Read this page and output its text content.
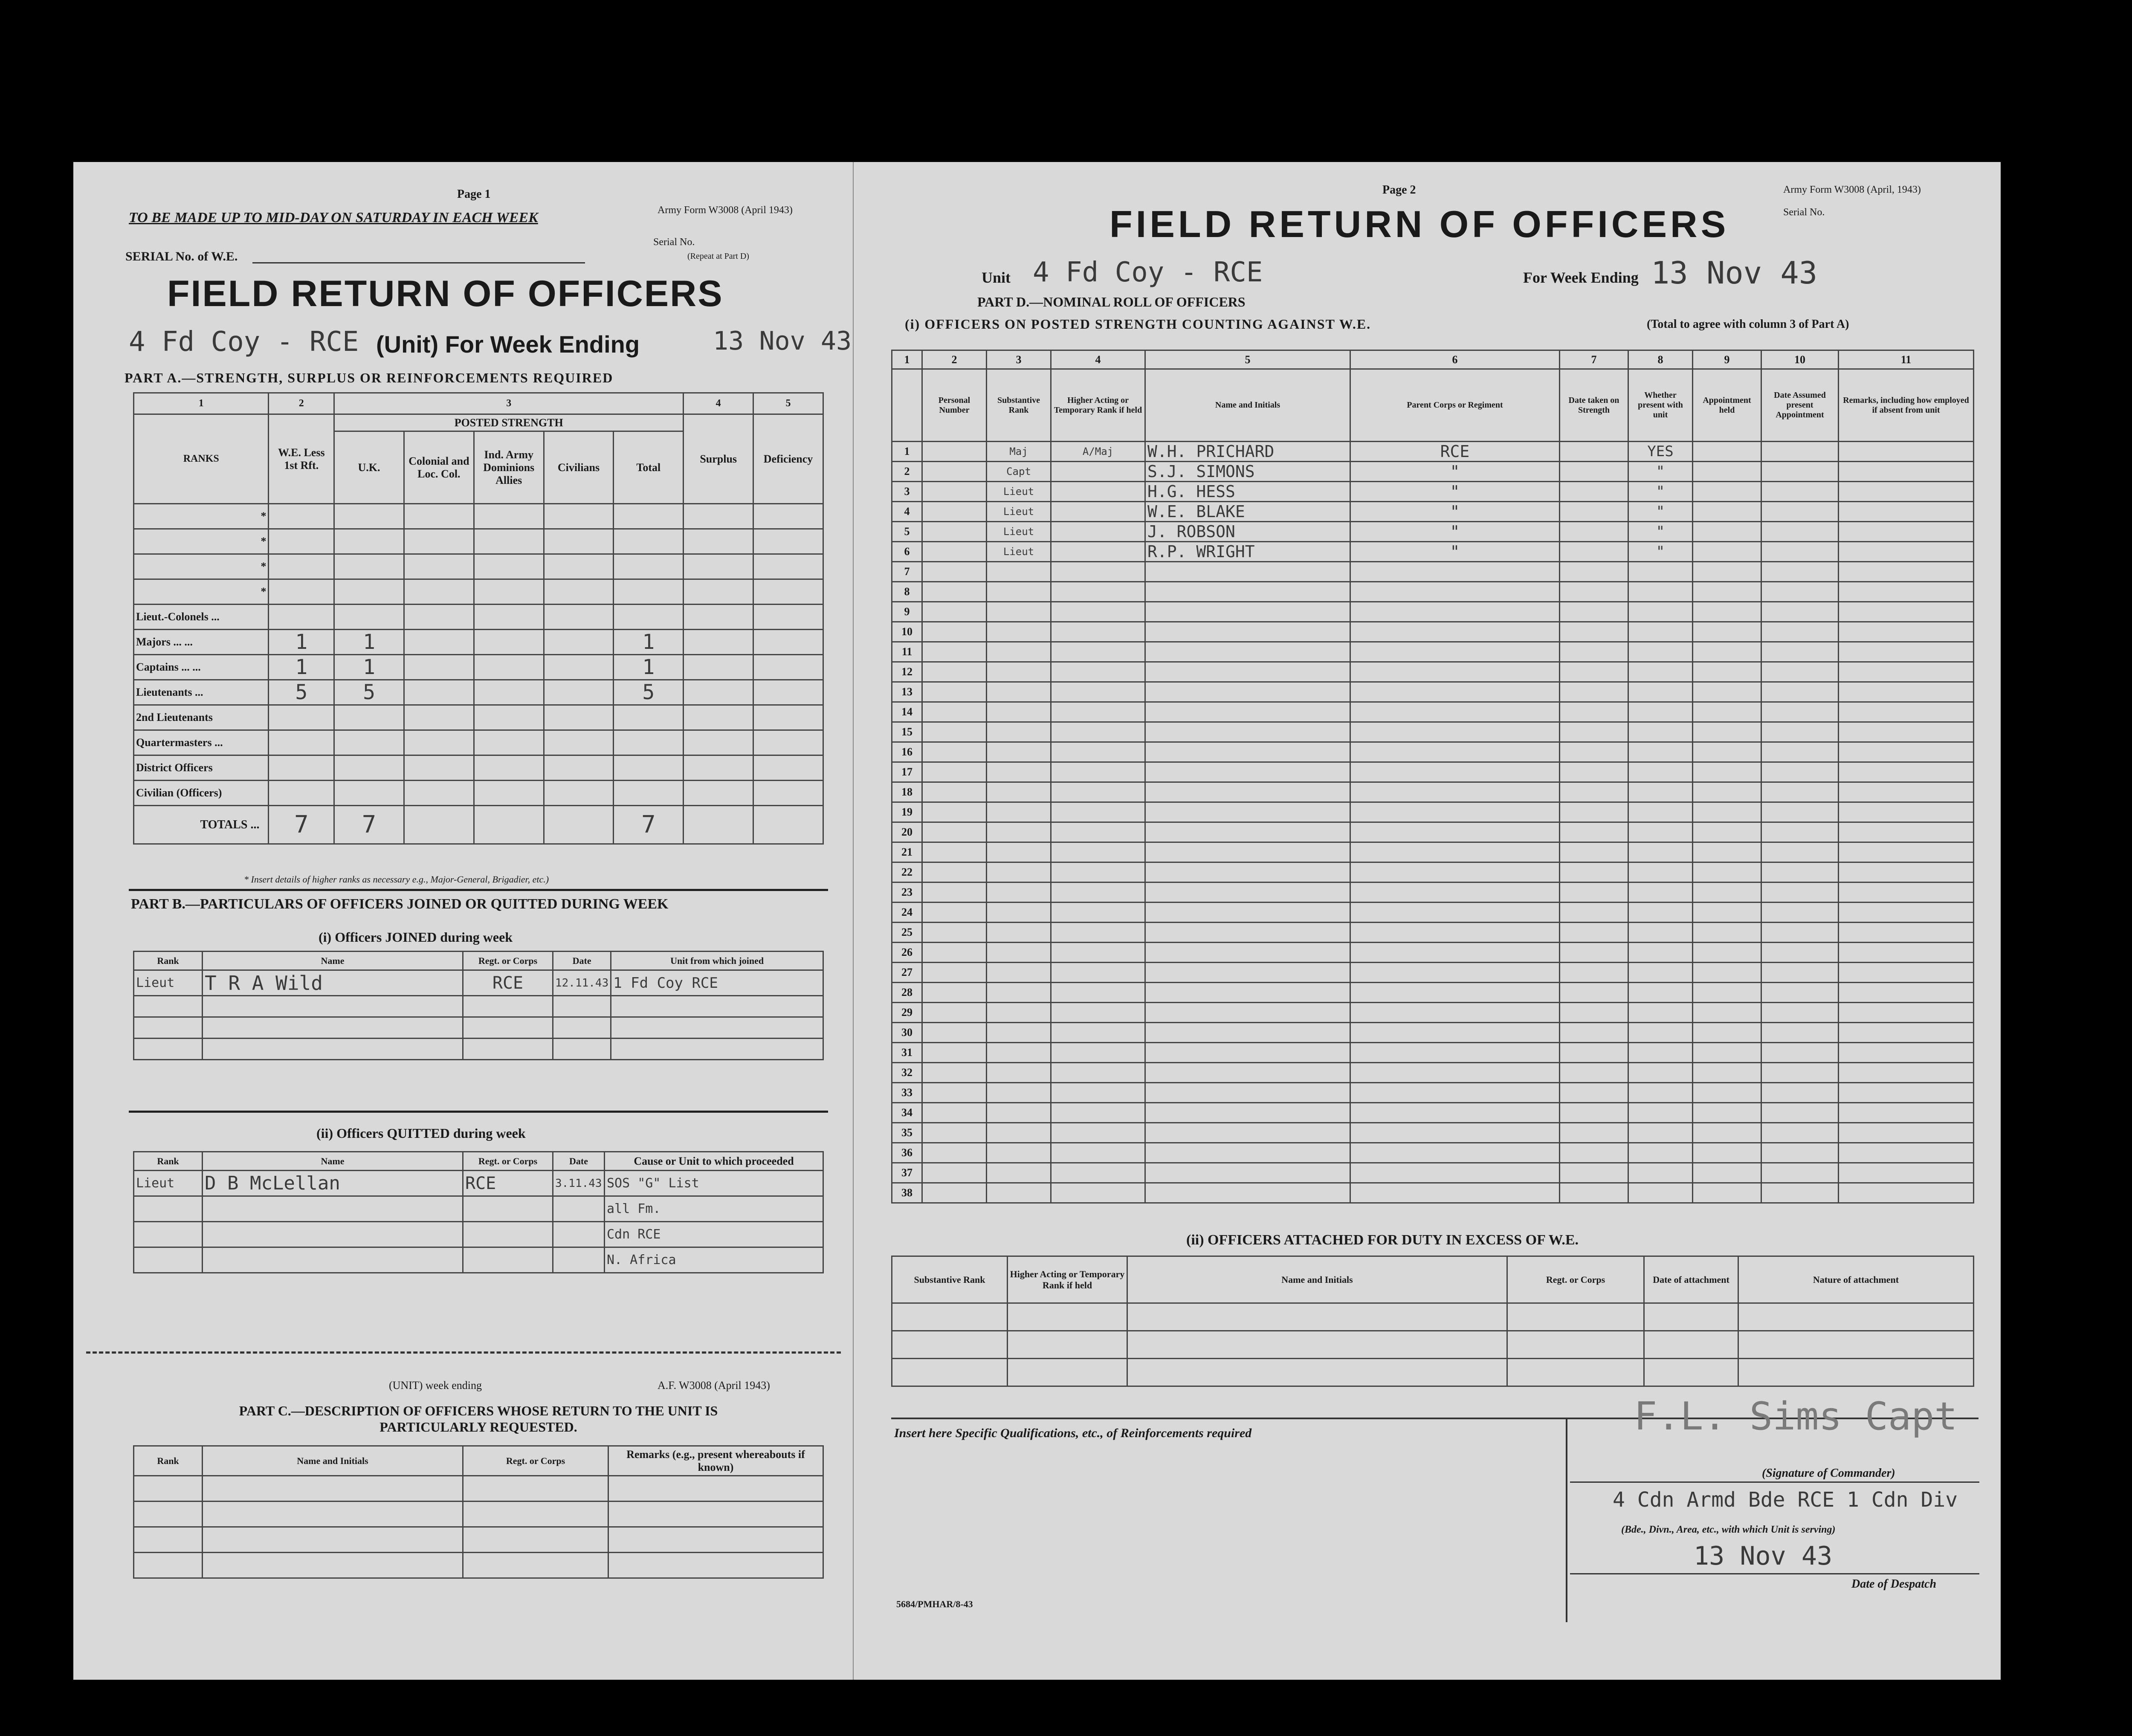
Page 1
TO BE MADE UP TO MID-DAY ON SATURDAY IN EACH WEEK	Army Form W3008 (April 1943)
SERIAL No. of W.E.
Serial No.
(Repeat at Part D)
FIELD RETURN OF OFFICERS
4 Fd Coy - RCE (Unit) For Week Ending	13 Nov 43
PART A.—STRENGTH, SURPLUS OR REINFORCEMENTS REQUIRED
1	2	3					4	5
RANKS	W.E. Less 1st Rft.	POSTED STRENGTH					Surplus	Deficiency
		U.K.	Colonial and Loc. Col.	Ind. Army Dominions Allies	Civilians	Total		
*								
*								
*								
*								
Lieut.-Colonels ...								
Majors ... ...	1	1				1		
Captains ... ...	1	1				1		
Lieutenants ...	5	5				5		
2nd Lieutenants								
Quartermasters ...								
District Officers								
Civilian (Officers)								
TOTALS ...	7	7				7		
* Insert details of higher ranks as necessary e.g., Major-General, Brigadier, etc.)
PART B.—PARTICULARS OF OFFICERS JOINED OR QUITTED DURING WEEK
(i) Officers JOINED during week
Rank	Name	Regt. or Corps	Date	Unit from which joined
Lieut	T R A Wild	RCE	12.11.43	1 Fd Coy RCE

(ii) Officers QUITTED during week
Rank	Name	Regt. or Corps	Date	Cause or Unit to which proceeded
Lieut	D B McLellan	RCE	3.11.43	SOS "G" List
				all Fm.
				Cdn RCE
				N. Africa
(UNIT) week ending	A.F. W3008 (April 1943)
PART C.—DESCRIPTION OF OFFICERS WHOSE RETURN TO THE UNIT IS PARTICULARLY REQUESTED.
Rank	Name and Initials	Regt. or Corps	Remarks (e.g., present whereabouts if known)

Page 2	Army Form W3008 (April, 1943)
Serial No.
FIELD RETURN OF OFFICERS
Unit 4 Fd Coy - RCE	For Week Ending 13 Nov 43
PART D.—NOMINAL ROLL OF OFFICERS
(i) OFFICERS ON POSTED STRENGTH COUNTING AGAINST W.E.	(Total to agree with column 3 of Part A)
1	2	3	4	5	6	7	8	9	10	11
	Personal Number	Substantive Rank	Higher Acting or Temporary Rank if held	Name and Initials	Parent Corps or Regiment	Date taken on Strength	Whether present with unit	Appointment held	Date Assumed present Appointment	Remarks, including how employed if absent from unit
1		Maj	A/Maj	W.H. PRICHARD	RCE		YES			
2		Capt		S.J. SIMONS	"		"			
3		Lieut		H.G. HESS	"		"			
4		Lieut		W.E. BLAKE	"		"			
5		Lieut		J. ROBSON	"		"			
6		Lieut		R.P. WRIGHT	"		"			
7										
8										
9										
10										
11										
12										
13										
14										
15										
16										
17										
18										
19										
20										
21										
22										
23										
24										
25										
26										
27										
28										
29										
30										
31										
32										
33										
34										
35										
36										
37										
38										
(ii) OFFICERS ATTACHED FOR DUTY IN EXCESS OF W.E.
Substantive Rank	Higher Acting or Temporary Rank if held	Name and Initials	Regt. or Corps	Date of attachment	Nature of attachment

Insert here Specific Qualifications, etc., of Reinforcements required	F.L. Sims Capt
(Signature of Commander)
4 Cdn Armd Bde RCE 1 Cdn Div
(Bde., Divn., Area, etc., with which Unit is serving)
13 Nov 43
Date of Despatch
5684/PMHAR/8-43
